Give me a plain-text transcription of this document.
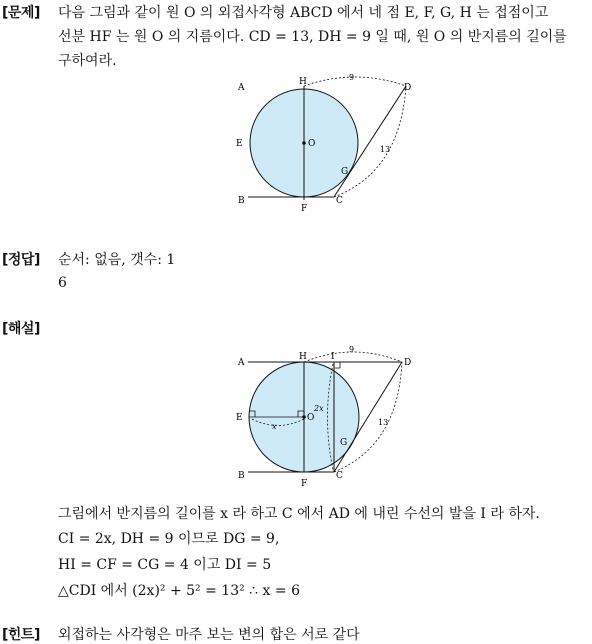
[문제] 다음 그림과 같이 원 O 의 외접사각형 ABCD 에서 네 점 E, F, G, H 는 접점이고
선분 HF 는 원 O 의 지름이다. CD = 13, DH = 9 일 때, 원 O 의 반지름의 길이를
구하여라.
A
H
D
E	O
G
B
F
C
9
13
[정답] 순서: 없음, 갯수: 1
6
[해설]
A
H	I
D
E	O
G
B
F
C
9
13
2x
x
그림에서 반지름의 길이를 x 라 하고 C 에서 AD 에 내린 수선의 발을 I 라 하자.
CI = 2x, DH = 9 이므로 DG = 9,
HI = CF = CG = 4 이고 DI = 5
△CDI 에서 (2x)² + 5² = 13² ∴ x = 6
[힌트] 외접하는 사각형은 마주 보는 변의 합은 서로 같다
